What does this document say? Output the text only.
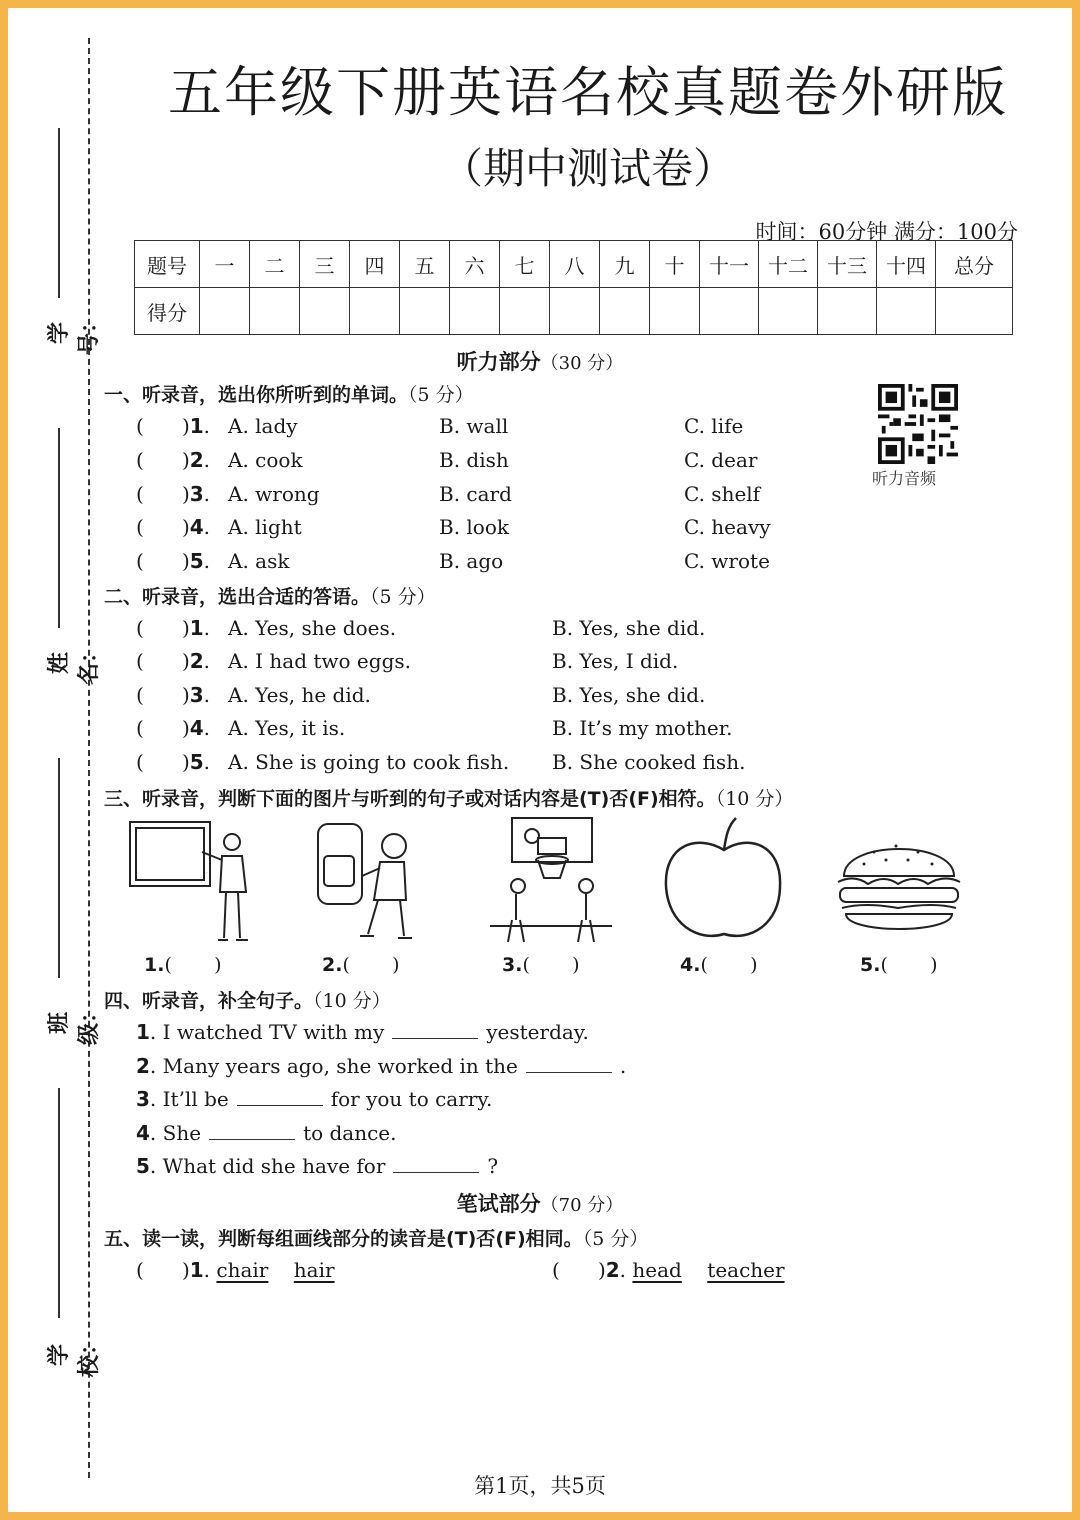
学号：
姓名：
班级：
学校：
五年级下册英语名校真题卷外研版
（期中测试卷）
时间：60分钟 满分：100分
题号	一	二	三	四	五	六	七	八	九	十	十一	十二	十三	十四	总分
得分															
听力部分（30 分）
听力音频
一、听录音，选出你所听到的单词。（5 分）
(      )1. A. lady	B. wall	C. life
(      )2. A. cook	B. dish	C. dear
(      )3. A. wrong	B. card	C. shelf
(      )4. A. light	B. look	C. heavy
(      )5. A. ask	B. ago	C. wrote
二、听录音，选出合适的答语。（5 分）
(      )1. A. Yes, she does.	B. Yes, she did.
(      )2. A. I had two eggs.	B. Yes, I did.
(      )3. A. Yes, he did.	B. Yes, she did.
(      )4. A. Yes, it is.	B. It’s my mother.
(      )5. A. She is going to cook fish. B. She cooked fish.
三、听录音，判断下面的图片与听到的句子或对话内容是(T)否(F)相符。（10 分）
1.(       )	2.(       )	3.(       )	4.(       )	5.(       )
四、听录音，补全句子。（10 分）
1. I watched TV with my	yesterday.
2. Many years ago, she worked in the	.
3. It’ll be	for you to carry.
4. She	to dance.
5. What did she have for	?
笔试部分（70 分）
五、读一读，判断每组画线部分的读音是(T)否(F)相同。（5 分）
(      )1. chair hair	(      )2. head teacher
第1页，共5页
